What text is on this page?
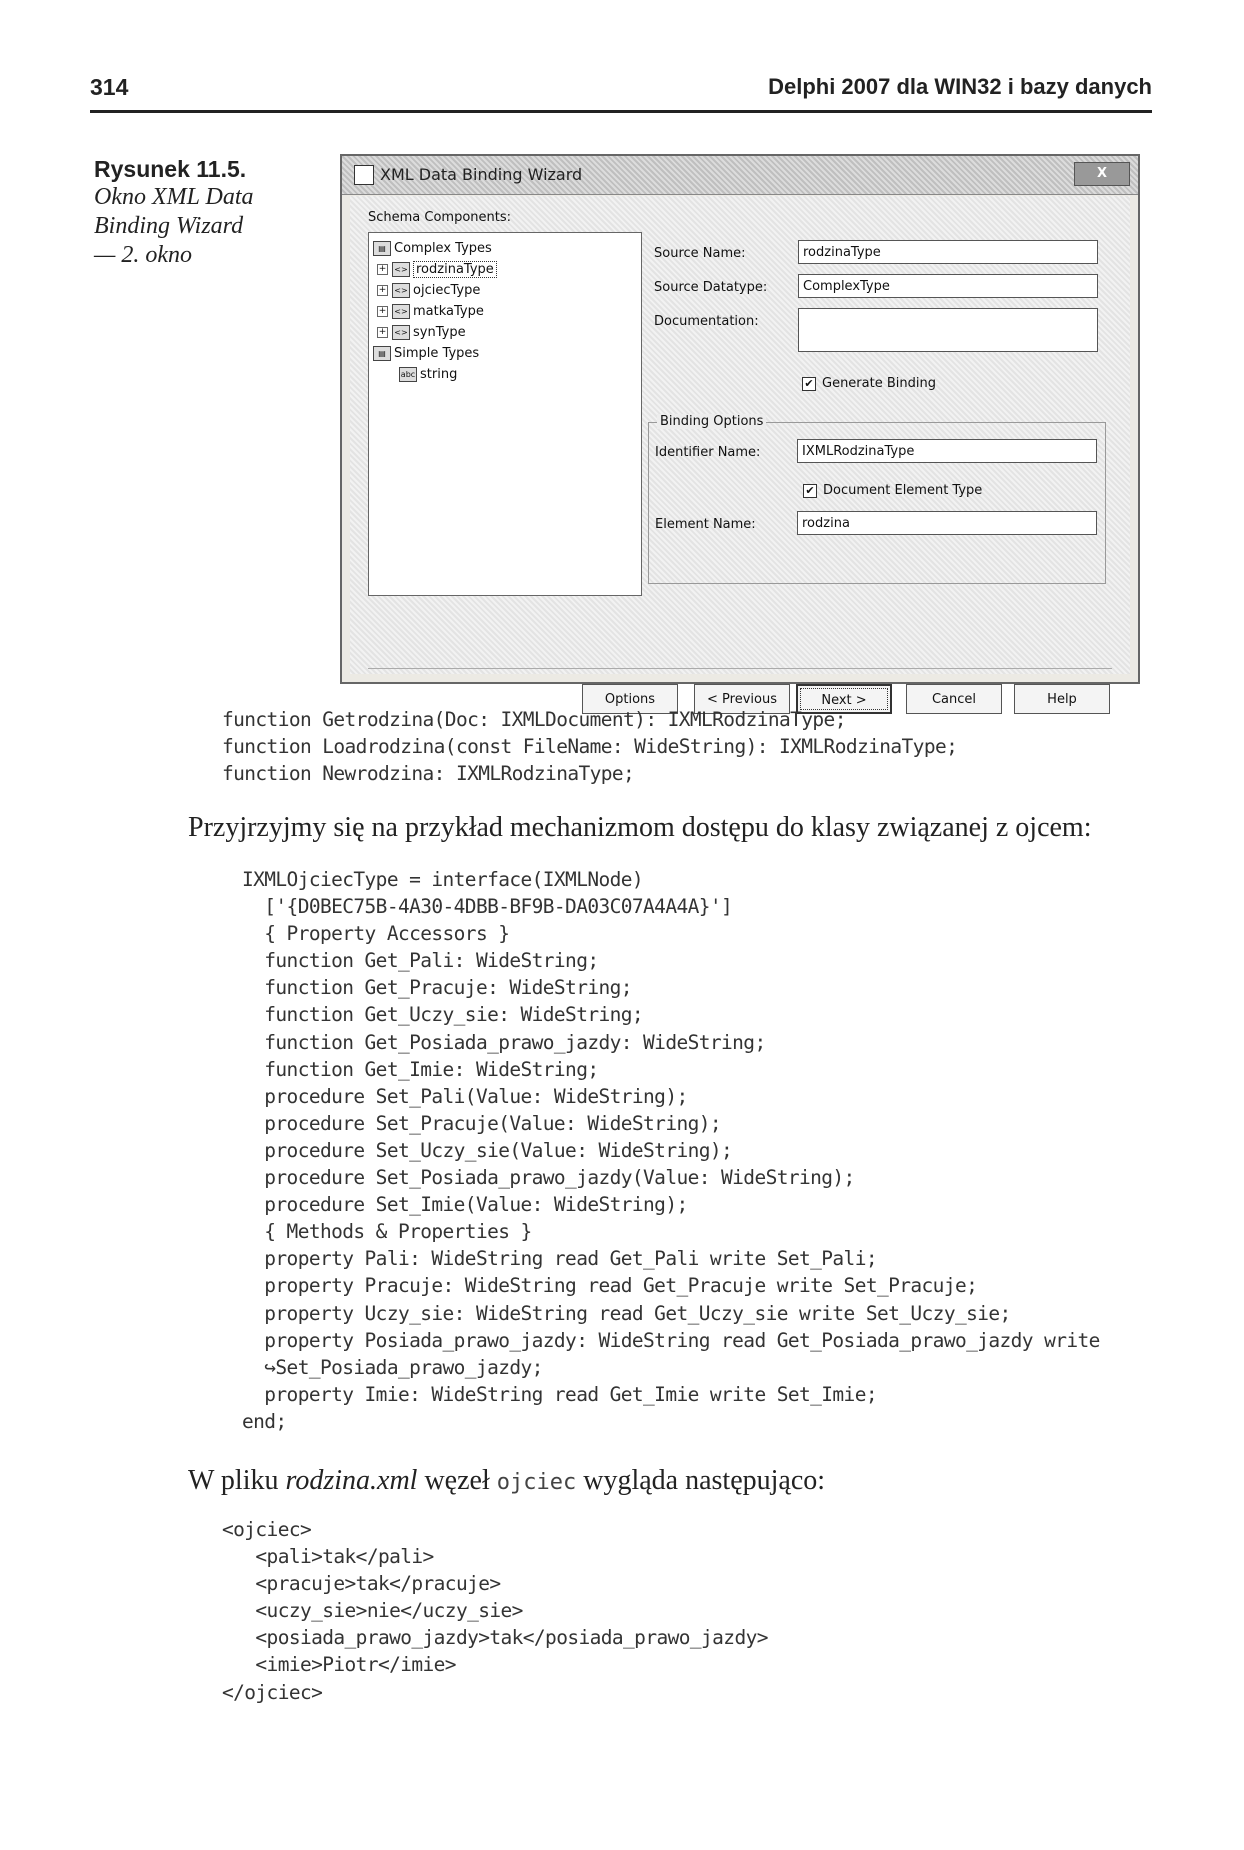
314	Delphi 2007 dla WIN32 i bazy danych
Rysunek 11.5.
Okno XML Data
Binding Wizard
— 2. okno
XML Data Binding Wizard	X
Schema Components:
▤ Complex Types
+ <> rodzinaType
+ <> ojciecType
+ <> matkaType
+ <> synType
▤ Simple Types
abc string
Source Name:	rodzinaType
Source Datatype:	ComplexType
Documentation:
✔ Generate Binding
Binding Options
Identifier Name:	IXMLRodzinaType
✔ Document Element Type
Element Name:	rodzina
Options	< Previous	Next >	Cancel	Help
function Getrodzina(Doc: IXMLDocument): IXMLRodzinaType;
function Loadrodzina(const FileName: WideString): IXMLRodzinaType;
function Newrodzina: IXMLRodzinaType;

Przyjrzyjmy się na przykład mechanizmom dostępu do klasy związanej z ojcem:

IXMLOjciecType = interface(IXMLNode)
['{D0BEC75B-4A30-4DBB-BF9B-DA03C07A4A4A}']
{ Property Accessors }
function Get_Pali: WideString;
function Get_Pracuje: WideString;
function Get_Uczy_sie: WideString;
function Get_Posiada_prawo_jazdy: WideString;
function Get_Imie: WideString;
procedure Set_Pali(Value: WideString);
procedure Set_Pracuje(Value: WideString);
procedure Set_Uczy_sie(Value: WideString);
procedure Set_Posiada_prawo_jazdy(Value: WideString);
procedure Set_Imie(Value: WideString);
{ Methods & Properties }
property Pali: WideString read Get_Pali write Set_Pali;
property Pracuje: WideString read Get_Pracuje write Set_Pracuje;
property Uczy_sie: WideString read Get_Uczy_sie write Set_Uczy_sie;
property Posiada_prawo_jazdy: WideString read Get_Posiada_prawo_jazdy write
↪Set_Posiada_prawo_jazdy;
property Imie: WideString read Get_Imie write Set_Imie;
end;

W pliku rodzina.xml węzeł ojciec wygląda następująco:

<ojciec>
<pali>tak</pali>
<pracuje>tak</pracuje>
<uczy_sie>nie</uczy_sie>
<posiada_prawo_jazdy>tak</posiada_prawo_jazdy>
<imie>Piotr</imie>
</ojciec>
